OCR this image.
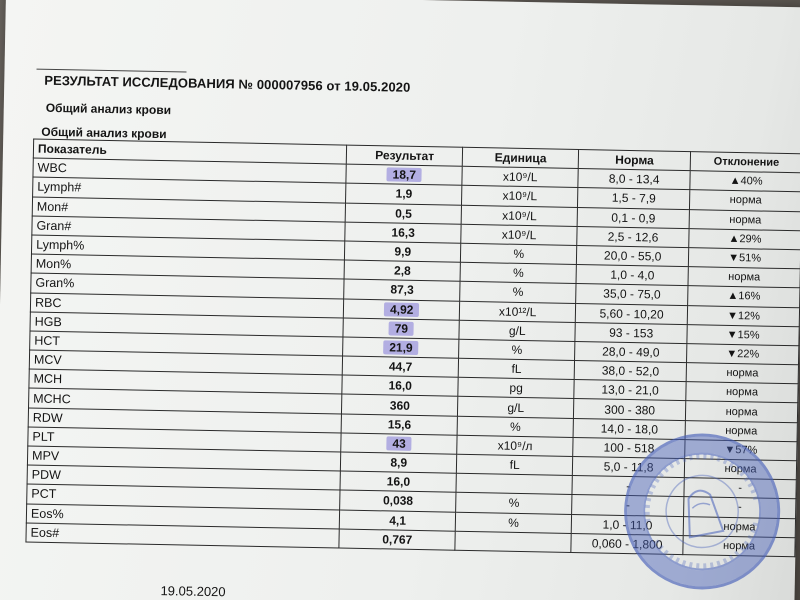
РЕЗУЛЬТАТ ИССЛЕДОВАНИЯ № 000007956 от 19.05.2020
Общий анализ крови
Общий анализ крови
Показатель	Результат	Единица	Норма	Отклонение
WBC	18,7	x10⁹/L	8,0 - 13,4	▲40%
Lymph#	1,9	x10⁹/L	1,5 - 7,9	норма
Mon#	0,5	x10⁹/L	0,1 - 0,9	норма
Gran#	16,3	x10⁹/L	2,5 - 12,6	▲29%
Lymph%	9,9	%	20,0 - 55,0	▼51%
Mon%	2,8	%	1,0 - 4,0	норма
Gran%	87,3	%	35,0 - 75,0	▲16%
RBC	4,92	x10¹²/L	5,60 - 10,20	▼12%
HGB	79	g/L	93 - 153	▼15%
HCT	21,9	%	28,0 - 49,0	▼22%
MCV	44,7	fL	38,0 - 52,0	норма
MCH	16,0	pg	13,0 - 21,0	норма
MCHC	360	g/L	300 - 380	норма
RDW	15,6	%	14,0 - 18,0	норма
PLT	43	x10⁹/л	100 - 518	▼57%
MPV	8,9	fL	5,0 - 11,8	норма
PDW	16,0		-	-
PCT	0,038	%	-	-
Eos%	4,1	%	1,0 - 11,0	норма
Eos#	0,767		0,060 - 1,800	норма
19.05.2020
